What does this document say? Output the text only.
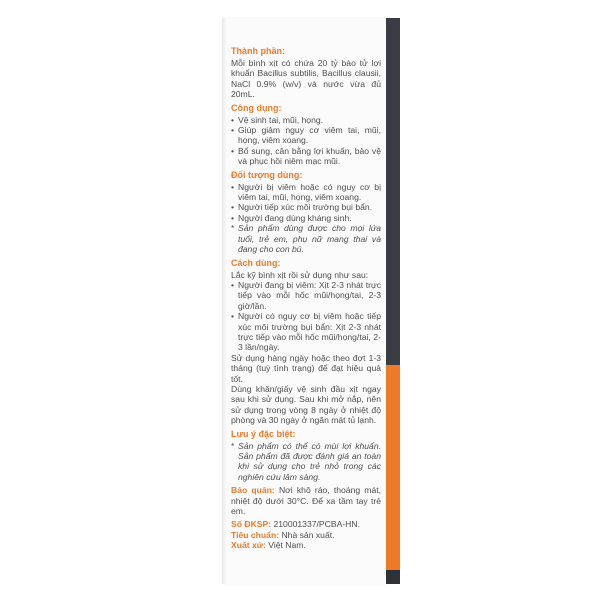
Thành phần:

Mỗi bình xịt có chứa 20 tỷ bào tử lợi khuẩn Bacillus subtilis, Bacillus clausii, NaCl 0.9% (w/v) và nước vừa đủ 20mL.

Công dụng:

• Vệ sinh tai, mũi, họng.

• Giúp giảm nguy cơ viêm tai, mũi, họng, viêm xoang.

• Bổ sung, cân bằng lợi khuẩn, bảo vệ và phục hồi niêm mạc mũi.

Đối tượng dùng:

• Người bị viêm hoặc có nguy cơ bị viêm tai, mũi, họng, viêm xoang.

• Người tiếp xúc môi trường bụi bẩn.

• Người đang dùng kháng sinh.

* Sản phẩm dùng được cho mọi lứa tuổi, trẻ em, phụ nữ mang thai và đang cho con bú.

Cách dùng:

Lắc kỹ bình xịt rồi sử dụng như sau:

• Người đang bị viêm: Xịt 2-3 nhát trực tiếp vào mỗi hốc mũi/họng/tai, 2-3 giờ/lần.

• Người có nguy cơ bị viêm hoặc tiếp xúc môi trường bụi bẩn: Xịt 2-3 nhát trực tiếp vào mỗi hốc mũi/họng/tai, 2-3 lần/ngày.

Sử dụng hàng ngày hoặc theo đợt 1-3 tháng (tuỳ tình trạng) để đạt hiệu quả tốt.

Dùng khăn/giấy vệ sinh đầu xịt ngay sau khi sử dụng. Sau khi mở nắp, nên sử dụng trong vòng 8 ngày ở nhiệt độ phòng và 30 ngày ở ngăn mát tủ lạnh.

Lưu ý đặc biệt:

* Sản phẩm có thể có mùi lợi khuẩn. Sản phẩm đã được đánh giá an toàn khi sử dụng cho trẻ nhỏ trong các nghiên cứu lâm sàng.

Bảo quản: Nơi khô ráo, thoáng mát, nhiệt độ dưới 30°C. Để xa tầm tay trẻ em.

Số ĐKSP: 210001337/PCBA-HN.

Tiêu chuẩn: Nhà sản xuất.

Xuất xứ: Việt Nam.
